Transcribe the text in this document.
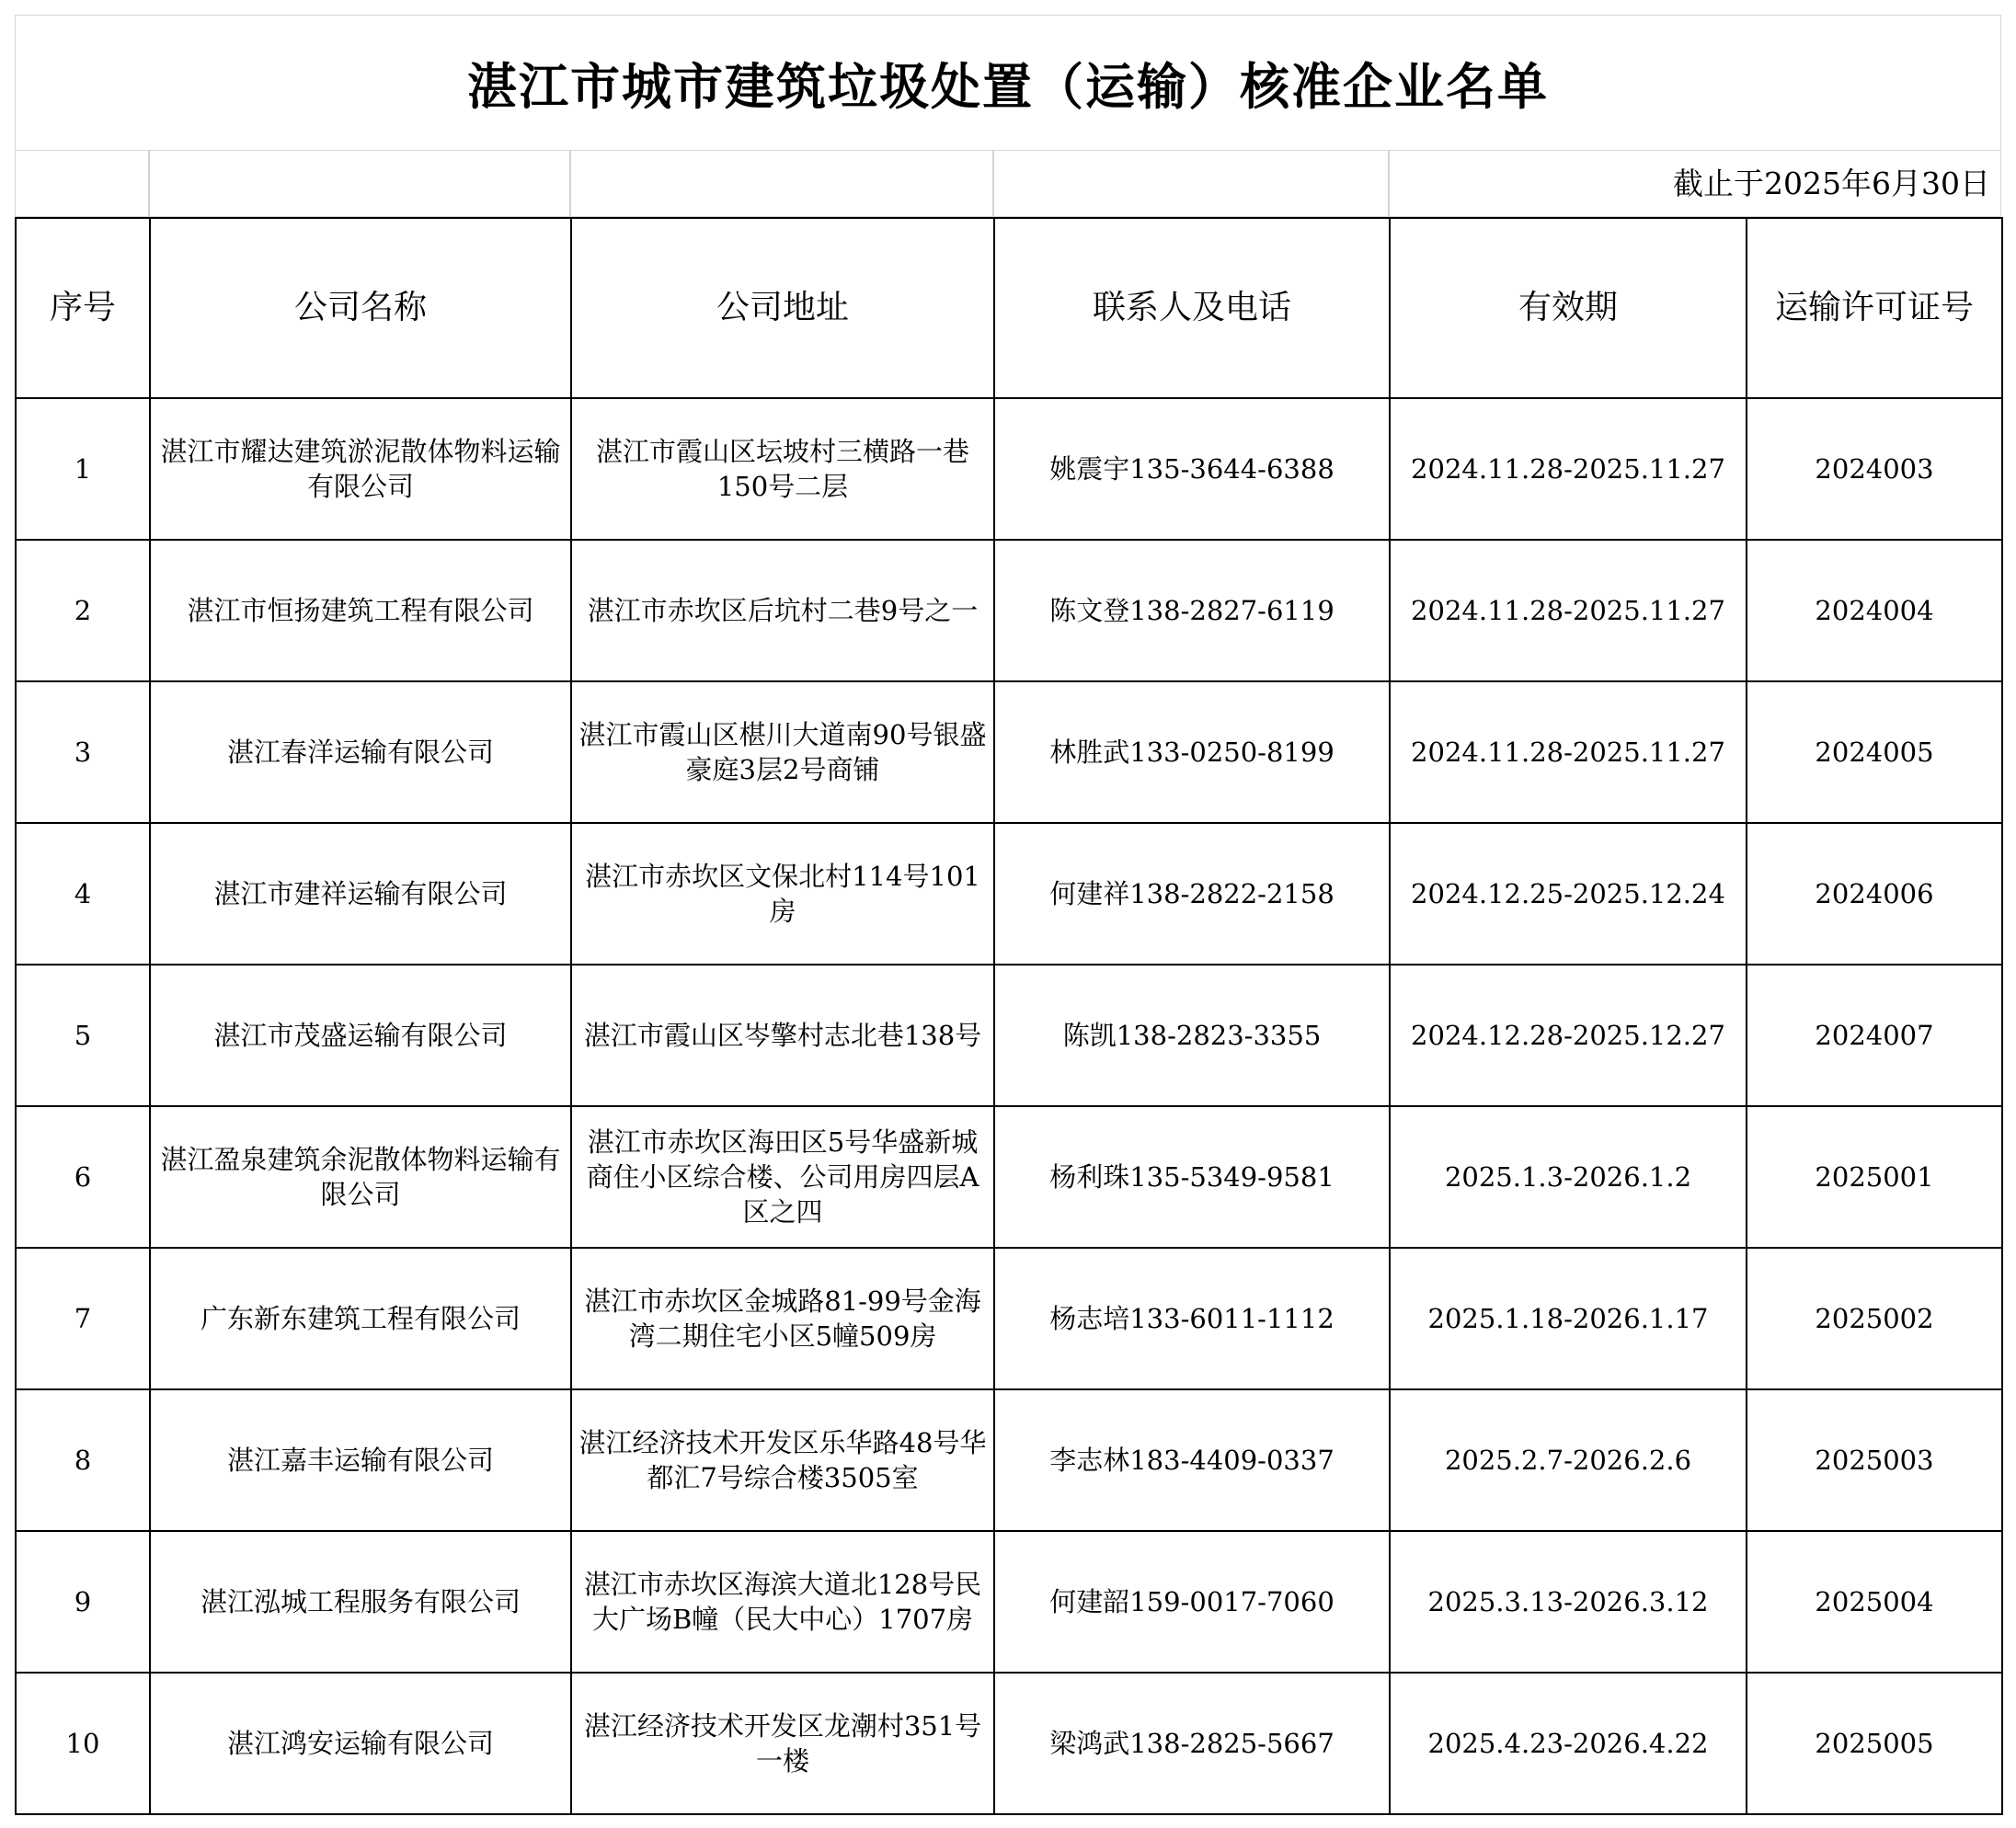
湛江市城市建筑垃圾处置（运输）核准企业名单
截止于2025年6月30日
序号	公司名称	公司地址	联系人及电话	有效期	运输许可证号
1	湛江市耀达建筑淤泥散体物料运输有限公司	湛江市霞山区坛坡村三横路一巷150号二层	姚震宇135-3644-6388	2024.11.28-2025.11.27	2024003
2	湛江市恒扬建筑工程有限公司	湛江市赤坎区后坑村二巷9号之一	陈文登138-2827-6119	2024.11.28-2025.11.27	2024004
3	湛江春洋运输有限公司	湛江市霞山区椹川大道南90号银盛豪庭3层2号商铺	林胜武133-0250-8199	2024.11.28-2025.11.27	2024005
4	湛江市建祥运输有限公司	湛江市赤坎区文保北村114号101房	何建祥138-2822-2158	2024.12.25-2025.12.24	2024006
5	湛江市茂盛运输有限公司	湛江市霞山区岑擎村志北巷138号	陈凯138-2823-3355	2024.12.28-2025.12.27	2024007
6	湛江盈泉建筑余泥散体物料运输有限公司	湛江市赤坎区海田区5号华盛新城商住小区综合楼、公司用房四层A区之四	杨利珠135-5349-9581	2025.1.3-2026.1.2	2025001
7	广东新东建筑工程有限公司	湛江市赤坎区金城路81-99号金海湾二期住宅小区5幢509房	杨志培133-6011-1112	2025.1.18-2026.1.17	2025002
8	湛江嘉丰运输有限公司	湛江经济技术开发区乐华路48号华都汇7号综合楼3505室	李志林183-4409-0337	2025.2.7-2026.2.6	2025003
9	湛江泓城工程服务有限公司	湛江市赤坎区海滨大道北128号民大广场B幢（民大中心）1707房	何建韶159-0017-7060	2025.3.13-2026.3.12	2025004
10	湛江鸿安运输有限公司	湛江经济技术开发区龙潮村351号一楼	梁鸿武138-2825-5667	2025.4.23-2026.4.22	2025005
